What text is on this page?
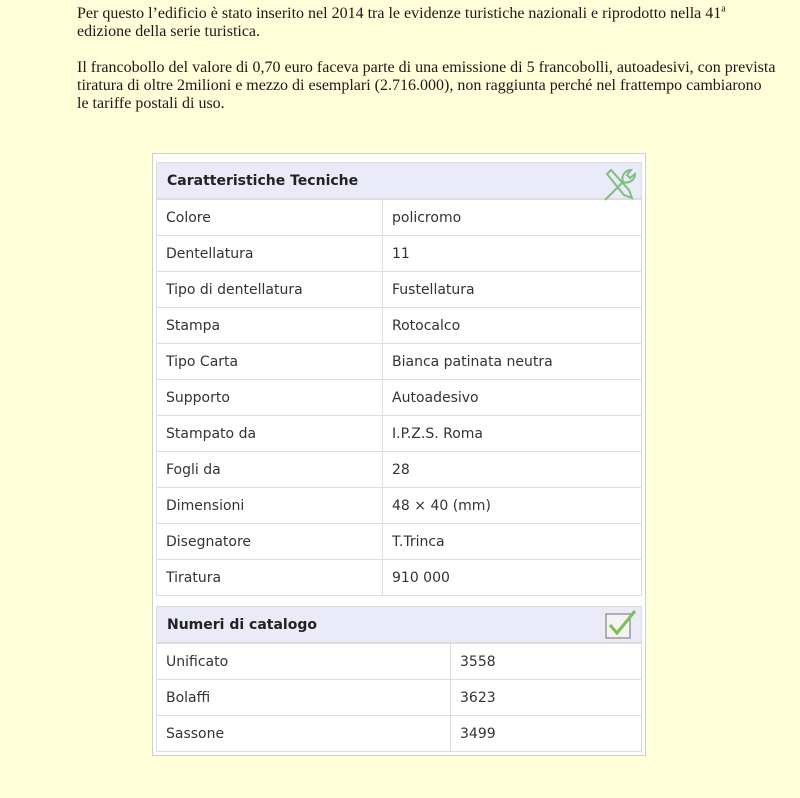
Per questo l’edificio è stato inserito nel 2014 tra le evidenze turistiche nazionali e riprodotto nella 41$^a$ edizione della serie turistica.

Il francobollo del valore di 0,70 euro faceva parte di una emissione di 5 francobolli, autoadesivi, con prevista tiratura di oltre 2milioni e mezzo di esemplari (2.716.000), non raggiunta perché nel frattempo cambiarono le tariffe postali di uso.

Caratteristiche Tecniche
Colore	policromo
Dentellatura	11
Tipo di dentellatura	Fustellatura
Stampa	Rotocalco
Tipo Carta	Bianca patinata neutra
Supporto	Autoadesivo
Stampato da	I.P.Z.S. Roma
Fogli da	28
Dimensioni	48 × 40 (mm)
Disegnatore	T.Trinca
Tiratura	910 000
Numeri di catalogo
Unificato	3558
Bolaffi	3623
Sassone	3499
